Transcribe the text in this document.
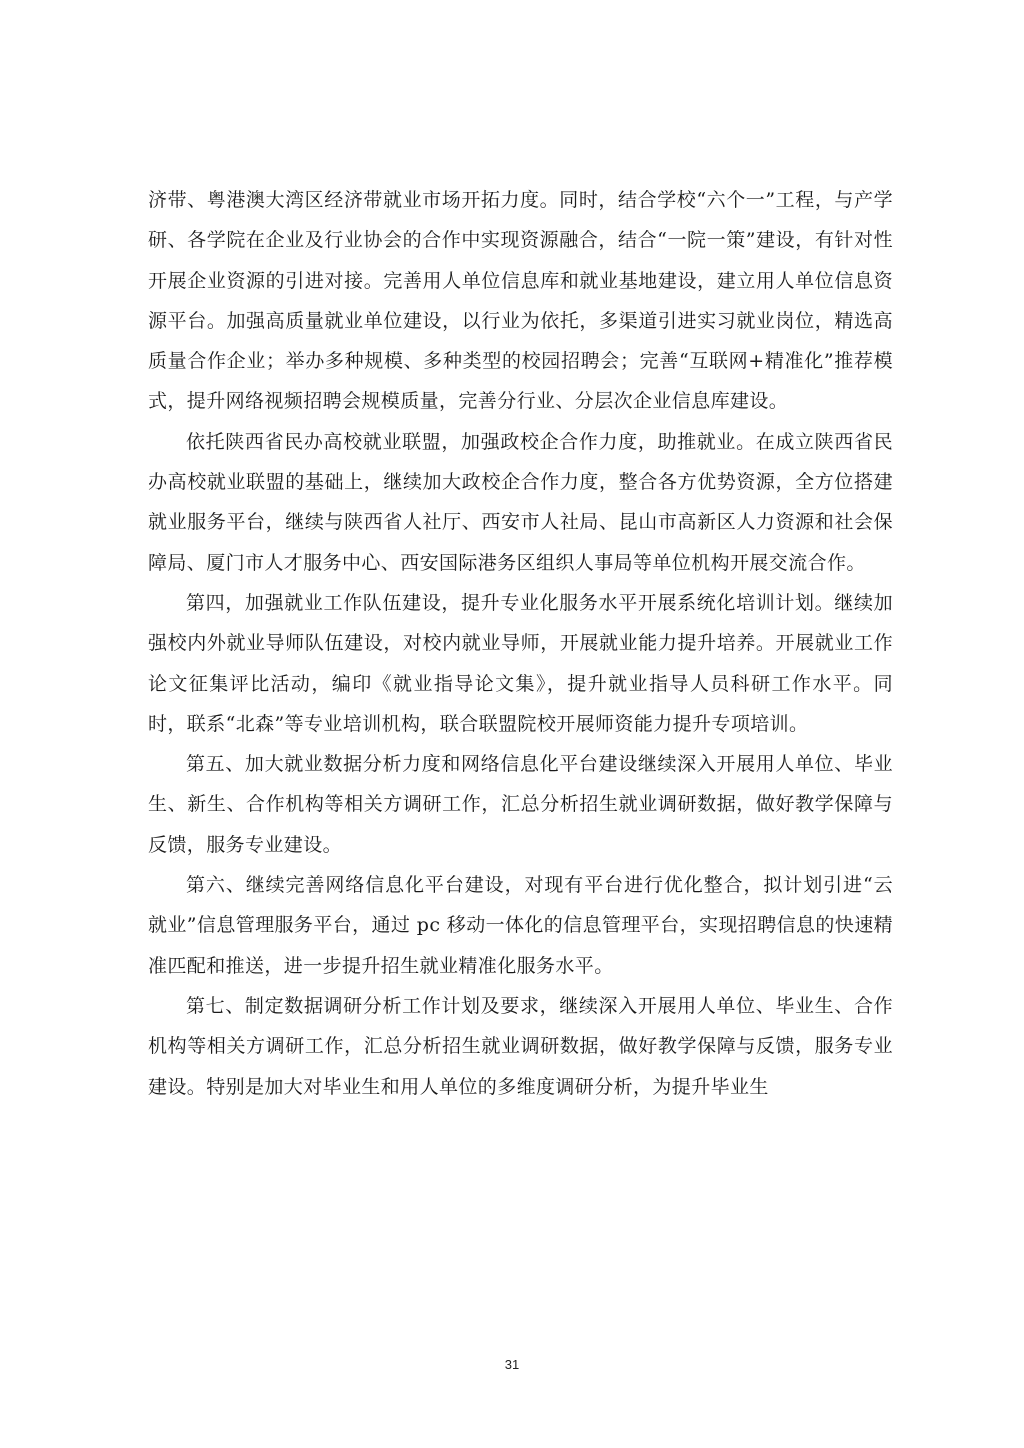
济带、粤港澳大湾区经济带就业市场开拓力度。同时，结合学校“六个一”工程，与产学研、各学院在企业及行业协会的合作中实现资源融合，结合“一院一策”建设，有针对性开展企业资源的引进对接。完善用人单位信息库和就业基地建设，建立用人单位信息资源平台。加强高质量就业单位建设，以行业为依托，多渠道引进实习就业岗位，精选高质量合作企业；举办多种规模、多种类型的校园招聘会；完善“互联网+精准化”推荐模式，提升网络视频招聘会规模质量，完善分行业、分层次企业信息库建设。

依托陕西省民办高校就业联盟，加强政校企合作力度，助推就业。在成立陕西省民办高校就业联盟的基础上，继续加大政校企合作力度，整合各方优势资源，全方位搭建就业服务平台，继续与陕西省人社厅、西安市人社局、昆山市高新区人力资源和社会保障局、厦门市人才服务中心、西安国际港务区组织人事局等单位机构开展交流合作。

第四，加强就业工作队伍建设，提升专业化服务水平开展系统化培训计划。继续加强校内外就业导师队伍建设，对校内就业导师，开展就业能力提升培养。开展就业工作论文征集评比活动，编印《就业指导论文集》，提升就业指导人员科研工作水平。同时，联系“北森”等专业培训机构，联合联盟院校开展师资能力提升专项培训。

第五、加大就业数据分析力度和网络信息化平台建设继续深入开展用人单位、毕业生、新生、合作机构等相关方调研工作，汇总分析招生就业调研数据，做好教学保障与反馈，服务专业建设。

第六、继续完善网络信息化平台建设，对现有平台进行优化整合，拟计划引进“云就业”信息管理服务平台，通过 pc 移动一体化的信息管理平台，实现招聘信息的快速精准匹配和推送，进一步提升招生就业精准化服务水平。

第七、制定数据调研分析工作计划及要求，继续深入开展用人单位、毕业生、合作机构等相关方调研工作，汇总分析招生就业调研数据，做好教学保障与反馈，服务专业建设。特别是加大对毕业生和用人单位的多维度调研分析，为提升毕业生

31
